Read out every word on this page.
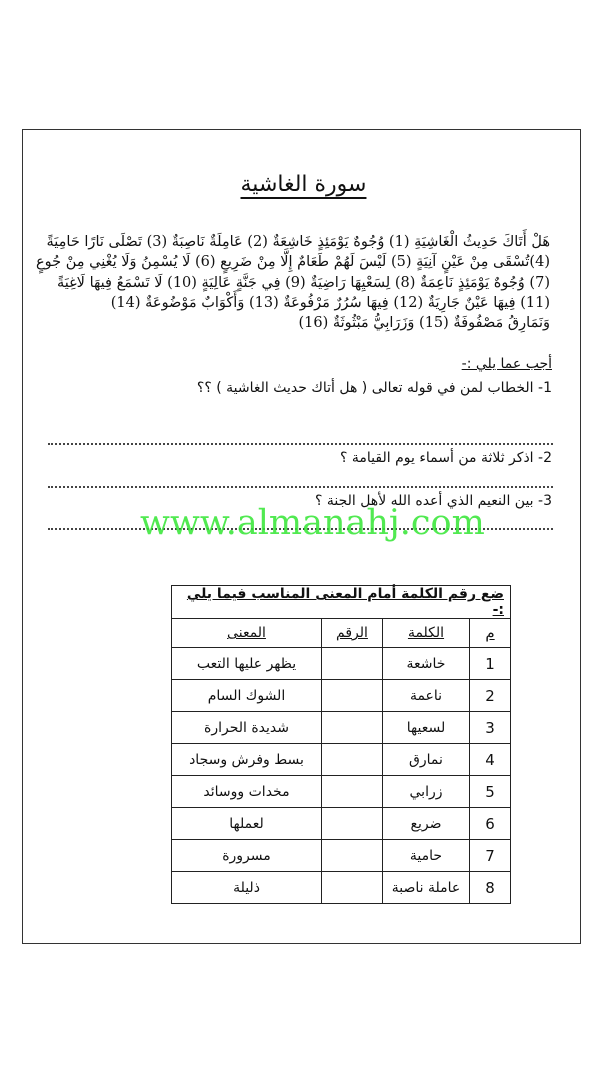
سورة الغاشية
هَلْ أَتَاكَ حَدِيثُ الْغَاشِيَةِ (1) وُجُوهٌ يَوْمَئِذٍ خَاشِعَةٌ (2) عَامِلَةٌ نَاصِبَةٌ (3) تَصْلَى نَارًا حَامِيَةً
(4)تُسْقَى مِنْ عَيْنٍ آنِيَةٍ (5) لَيْسَ لَهُمْ طَعَامٌ إِلَّا مِنْ ضَرِيعٍ (6) لَا يُسْمِنُ وَلَا يُغْنِي مِنْ جُوعٍ
(7) وُجُوهٌ يَوْمَئِذٍ نَاعِمَةٌ (8) لِسَعْيِهَا رَاضِيَةٌ (9) فِي جَنَّةٍ عَالِيَةٍ (10) لَا تَسْمَعُ فِيهَا لَاغِيَةً
(11) فِيهَا عَيْنٌ جَارِيَةٌ (12) فِيهَا سُرُرٌ مَرْفُوعَةٌ (13) وَأَكْوَابٌ مَوْضُوعَةٌ (14)
وَنَمَارِقُ مَصْفُوفَةٌ (15) وَزَرَابِيُّ مَبْثُوثَةٌ (16)
أجب عما يلي :-
1- الخطاب لمن في قوله تعالى ( هل أتاك حديث الغاشية ) ؟؟
2- اذكر ثلاثة من أسماء يوم القيامة ؟
3- بين النعيم الذي أعده الله لأهل الجنة ؟
www.almanahj.com
ضع رقم الكلمة أمام المعنى المناسب فيما يلي :-			
م	الكلمة	الرقم	المعنى
1	خاشعة		يظهر عليها التعب
2	ناعمة		الشوك السام
3	لسعيها		شديدة الحرارة
4	نمارق		بسط وفرش وسجاد
5	زرابي		مخدات ووسائد
6	ضريع		لعملها
7	حامية		مسرورة
8	عاملة ناصبة		ذليلة
